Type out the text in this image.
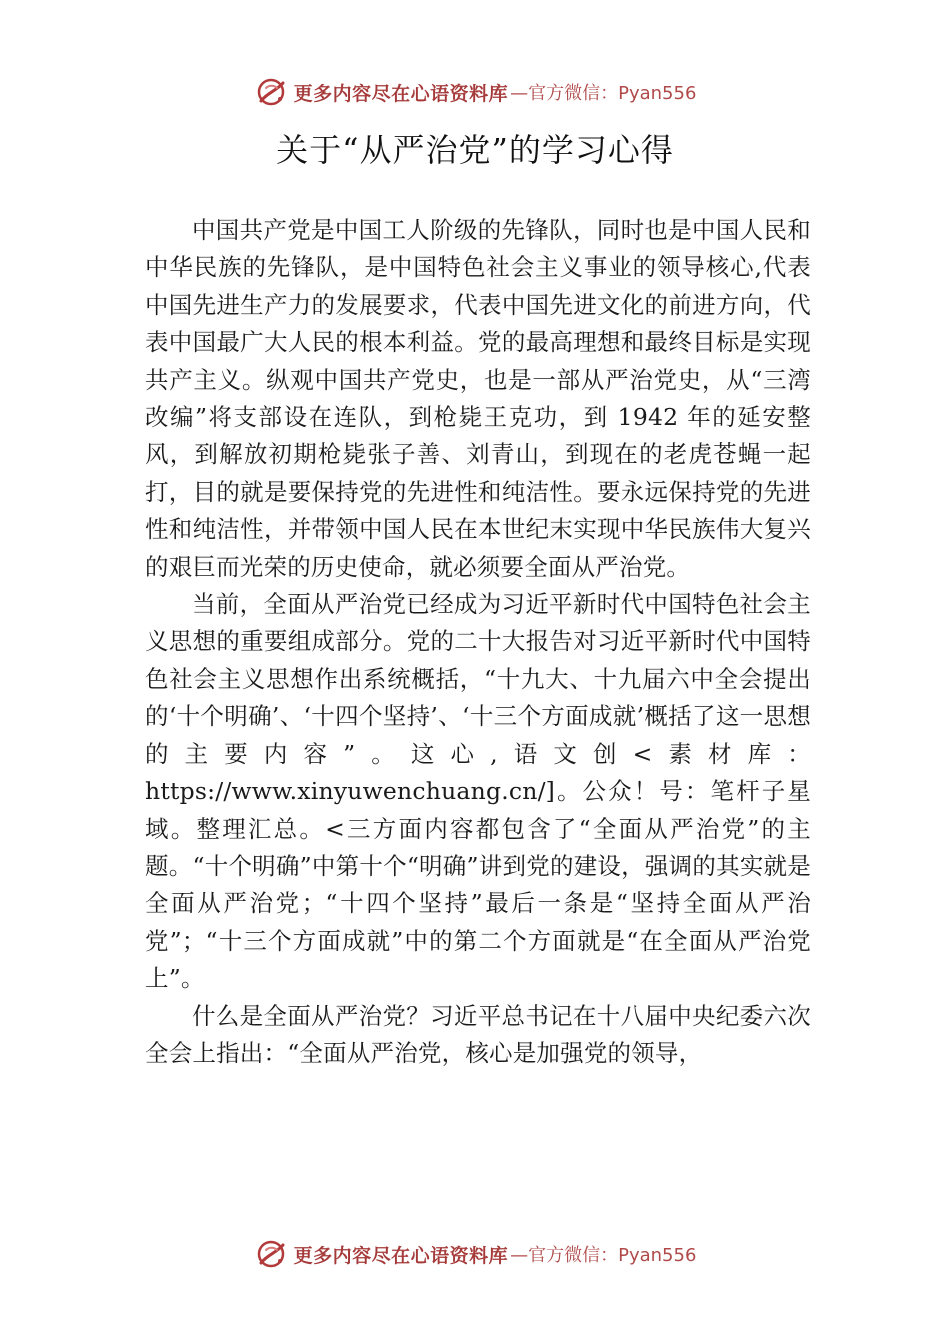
更多内容尽在心语资料库 —官方微信：Pyan556
关于“从严治党”的学习心得

中国共产党是中国工人阶级的先锋队，同时也是中国人民和中华民族的先锋队，是中国特色社会主义事业的领导核心,代表中国先进生产力的发展要求，代表中国先进文化的前进方向，代表中国最广大人民的根本利益。党的最高理想和最终目标是实现共产主义。纵观中国共产党史，也是一部从严治党史，从“三湾改编”将支部设在连队，到枪毙王克功，到 1942 年的延安整风，到解放初期枪毙张子善、刘青山，到现在的老虎苍蝇一起打，目的就是要保持党的先进性和纯洁性。要永远保持党的先进性和纯洁性，并带领中国人民在本世纪末实现中华民族伟大复兴的艰巨而光荣的历史使命，就必须要全面从严治党。

当前，全面从严治党已经成为习近平新时代中国特色社会主义思想的重要组成部分。党的二十大报告对习近平新时代中国特色社会主义思想作出系统概括，“十九大、十九届六中全会提出的‘十个明确’、‘十四个坚持’、‘十三个方面成就’概括了这一思想的主要内容”。这心,语文创<素材库：https://www.xinyuwenchuang.cn/]。公众！号：笔杆子星域。整理汇总。<三方面内容都包含了“全面从严治党”的主题。“十个明确”中第十个“明确”讲到党的建设，强调的其实就是全面从严治党；“十四个坚持”最后一条是“坚持全面从严治党”；“十三个方面成就”中的第二个方面就是“在全面从严治党上”。

什么是全面从严治党？习近平总书记在十八届中央纪委六次全会上指出：“全面从严治党，核心是加强党的领导，

更多内容尽在心语资料库 —官方微信：Pyan556
